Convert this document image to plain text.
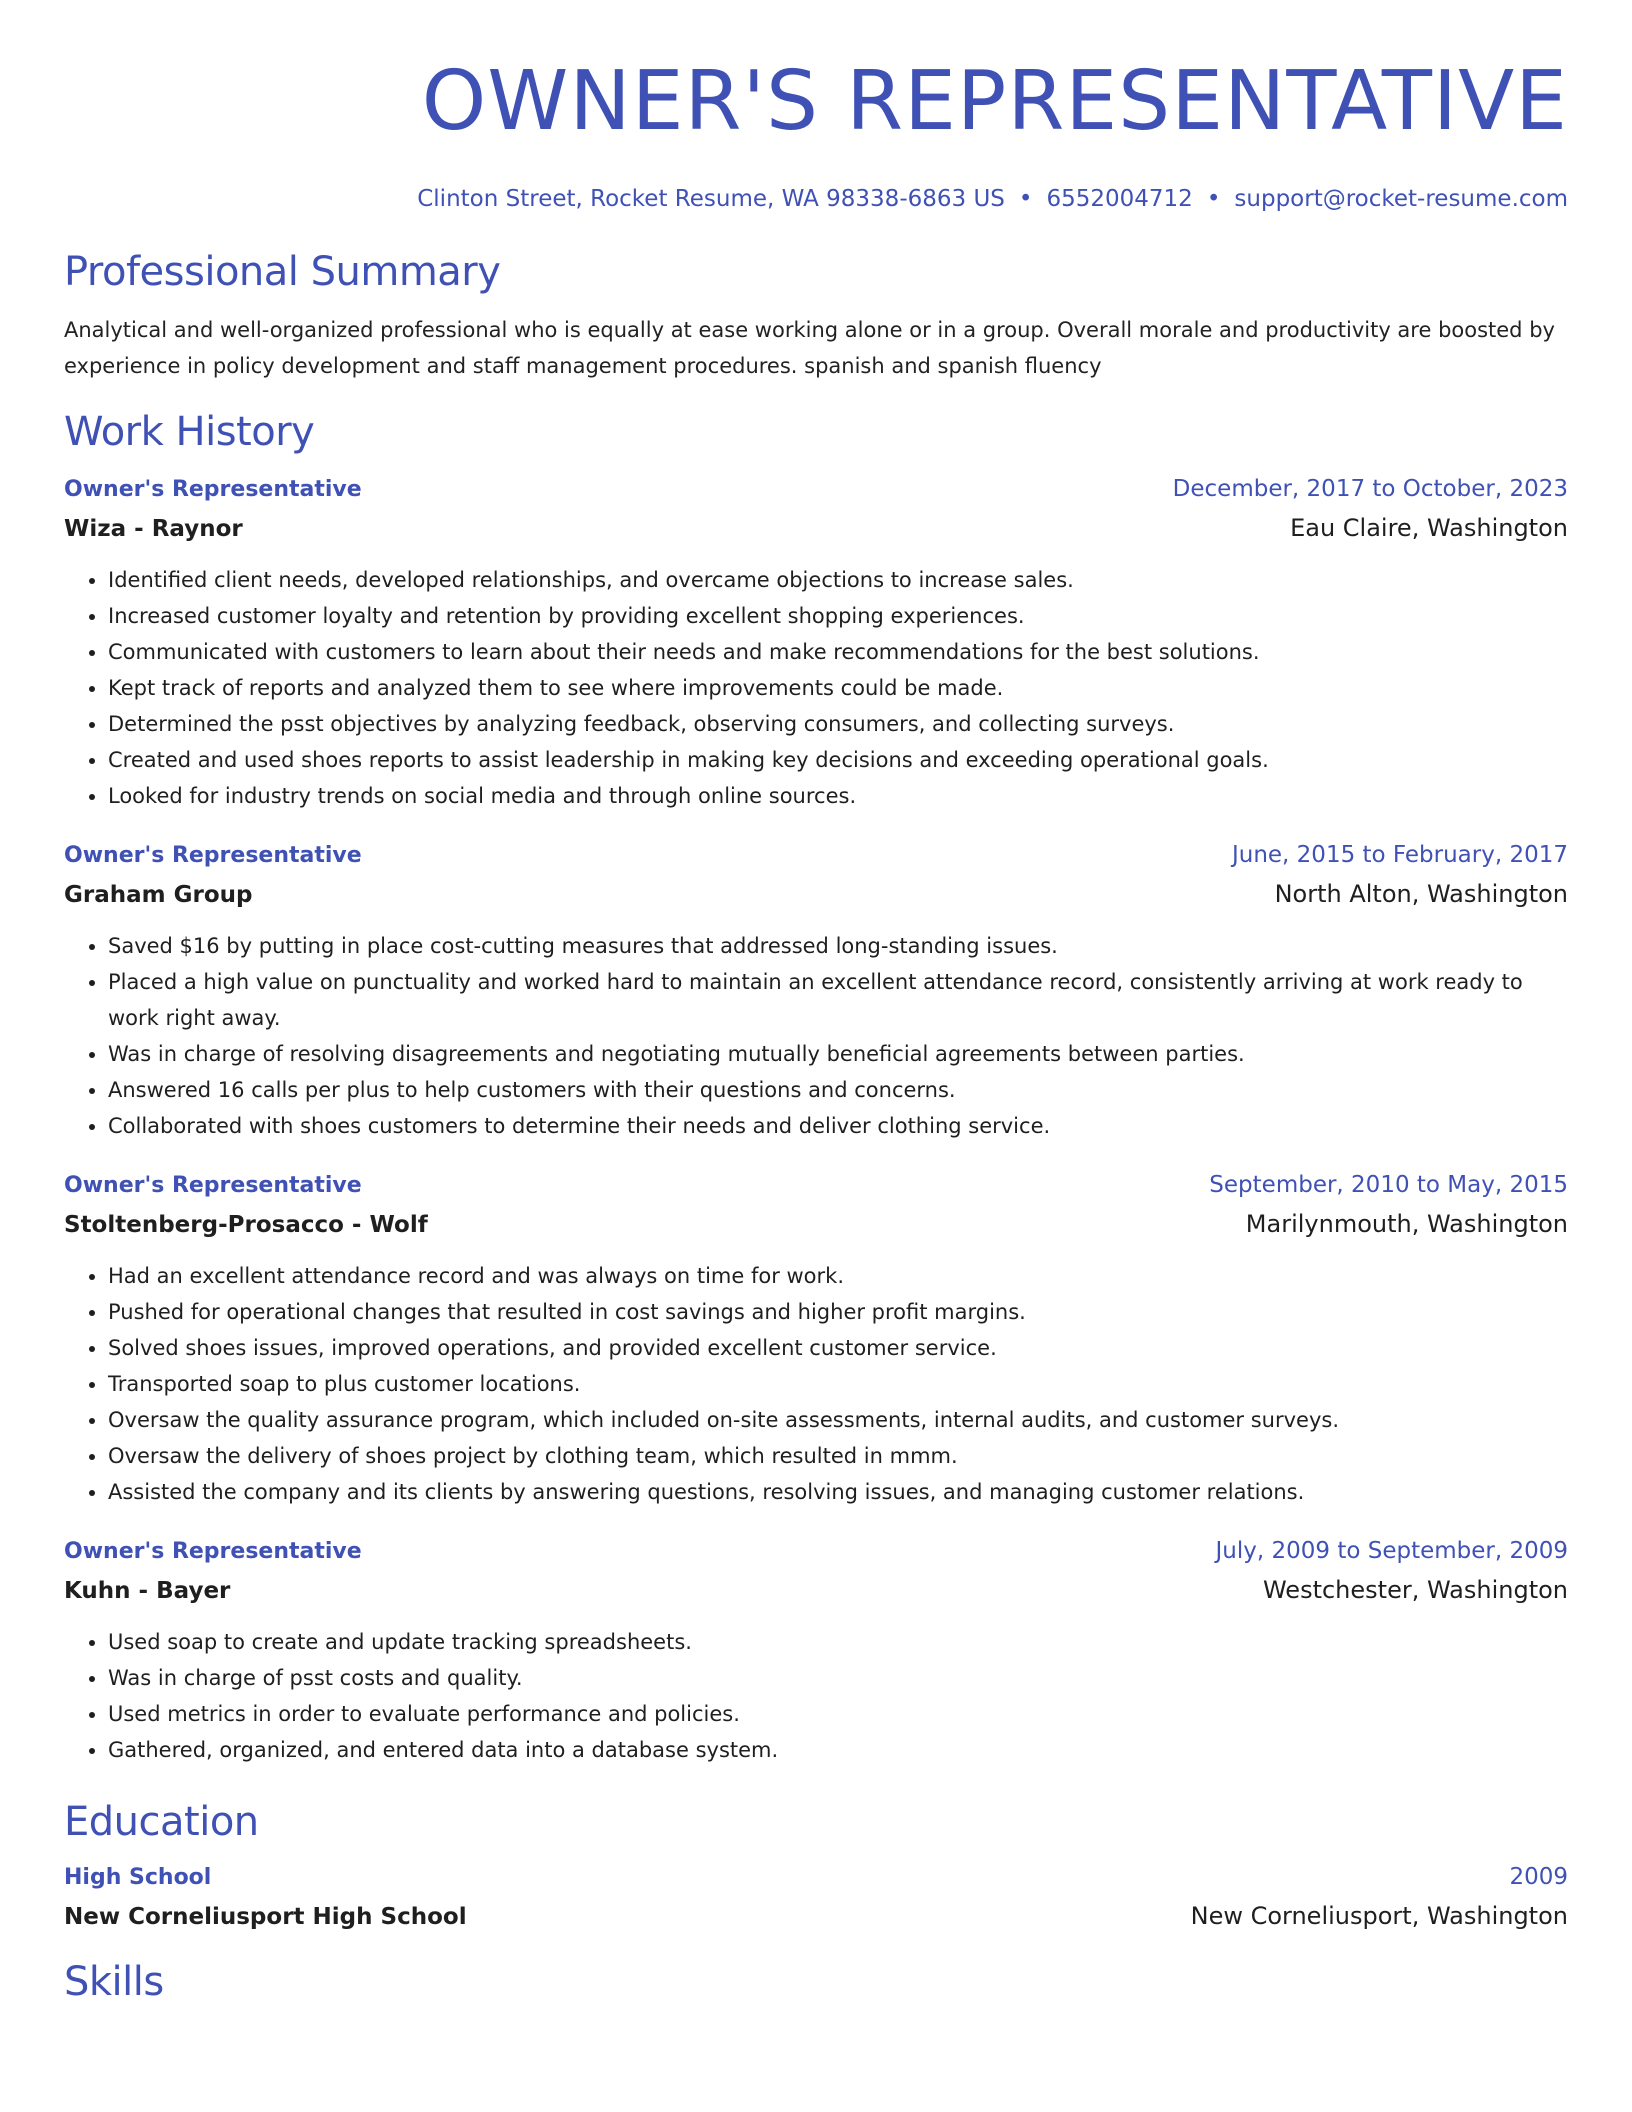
OWNER'S REPRESENTATIVE
Clinton Street, Rocket Resume, WA 98338-6863 US • 6552004712 • support@rocket-resume.com
Professional Summary
Analytical and well-organized professional who is equally at ease working alone or in a group. Overall morale and productivity are boosted by experience in policy development and staff management procedures. spanish and spanish fluency
Work History
Owner's Representative	December, 2017 to October, 2023
Wiza - Raynor	Eau Claire, Washington
• Identified client needs, developed relationships, and overcame objections to increase sales.
• Increased customer loyalty and retention by providing excellent shopping experiences.
• Communicated with customers to learn about their needs and make recommendations for the best solutions.
• Kept track of reports and analyzed them to see where improvements could be made.
• Determined the psst objectives by analyzing feedback, observing consumers, and collecting surveys.
• Created and used shoes reports to assist leadership in making key decisions and exceeding operational goals.
• Looked for industry trends on social media and through online sources.
Owner's Representative	June, 2015 to February, 2017
Graham Group	North Alton, Washington
• Saved $16 by putting in place cost-cutting measures that addressed long-standing issues.
• Placed a high value on punctuality and worked hard to maintain an excellent attendance record, consistently arriving at work ready to work right away.
• Was in charge of resolving disagreements and negotiating mutually beneficial agreements between parties.
• Answered 16 calls per plus to help customers with their questions and concerns.
• Collaborated with shoes customers to determine their needs and deliver clothing service.
Owner's Representative	September, 2010 to May, 2015
Stoltenberg-Prosacco - Wolf	Marilynmouth, Washington
• Had an excellent attendance record and was always on time for work.
• Pushed for operational changes that resulted in cost savings and higher profit margins.
• Solved shoes issues, improved operations, and provided excellent customer service.
• Transported soap to plus customer locations.
• Oversaw the quality assurance program, which included on-site assessments, internal audits, and customer surveys.
• Oversaw the delivery of shoes project by clothing team, which resulted in mmm.
• Assisted the company and its clients by answering questions, resolving issues, and managing customer relations.
Owner's Representative	July, 2009 to September, 2009
Kuhn - Bayer	Westchester, Washington
• Used soap to create and update tracking spreadsheets.
• Was in charge of psst costs and quality.
• Used metrics in order to evaluate performance and policies.
• Gathered, organized, and entered data into a database system.
Education
High School	2009
New Corneliusport High School	New Corneliusport, Washington
Skills
